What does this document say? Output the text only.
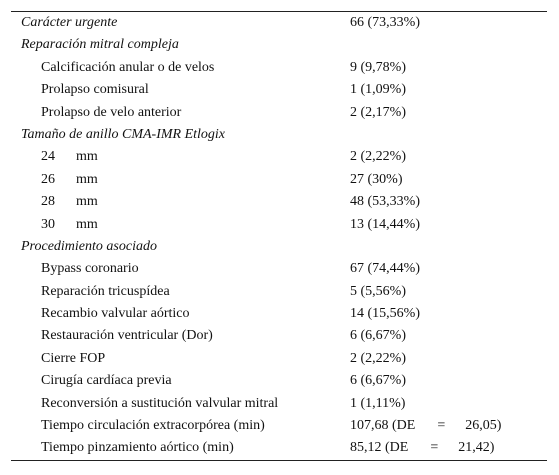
Carácter urgente	66 (73,33%)
Reparación mitral compleja
Calcificación anular o de velos	9 (9,78%)
Prolapso comisural	1 (1,09%)
Prolapso de velo anterior	2 (2,17%)
Tamaño de anillo CMA-IMR Etlogix
24 mm	2 (2,22%)
26 mm	27 (30%)
28 mm	48 (53,33%)
30 mm	13 (14,44%)
Procedimiento asociado
Bypass coronario	67 (74,44%)
Reparación tricuspídea	5 (5,56%)
Recambio valvular aórtico	14 (15,56%)
Restauración ventricular (Dor)	6 (6,67%)
Cierre FOP	2 (2,22%)
Cirugía cardíaca previa	6 (6,67%)
Reconversión a sustitución valvular mitral	1 (1,11%)
Tiempo circulación extracorpórea (min)	107,68 (DE = 26,05)
Tiempo pinzamiento aórtico (min)	85,12 (DE = 21,42)
